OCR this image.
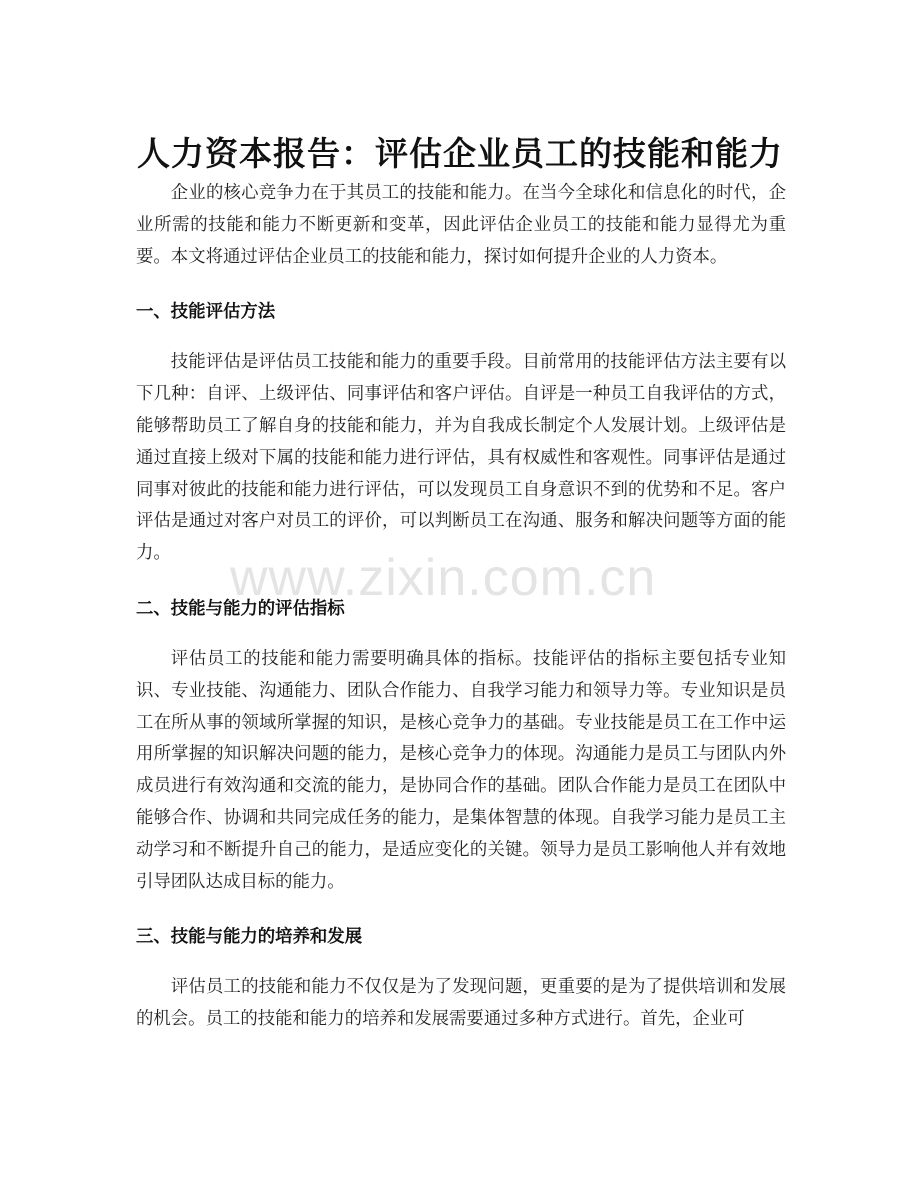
人力资本报告：评估企业员工的技能和能力

企业的核心竞争力在于其员工的技能和能力。在当今全球化和信息化的时代，企业所需的技能和能力不断更新和变革，因此评估企业员工的技能和能力显得尤为重要。本文将通过评估企业员工的技能和能力，探讨如何提升企业的人力资本。

一、技能评估方法

技能评估是评估员工技能和能力的重要手段。目前常用的技能评估方法主要有以下几种：自评、上级评估、同事评估和客户评估。自评是一种员工自我评估的方式，能够帮助员工了解自身的技能和能力，并为自我成长制定个人发展计划。上级评估是通过直接上级对下属的技能和能力进行评估，具有权威性和客观性。同事评估是通过同事对彼此的技能和能力进行评估，可以发现员工自身意识不到的优势和不足。客户评估是通过对客户对员工的评价，可以判断员工在沟通、服务和解决问题等方面的能力。

二、技能与能力的评估指标

评估员工的技能和能力需要明确具体的指标。技能评估的指标主要包括专业知识、专业技能、沟通能力、团队合作能力、自我学习能力和领导力等。专业知识是员工在所从事的领域所掌握的知识，是核心竞争力的基础。专业技能是员工在工作中运用所掌握的知识解决问题的能力，是核心竞争力的体现。沟通能力是员工与团队内外成员进行有效沟通和交流的能力，是协同合作的基础。团队合作能力是员工在团队中能够合作、协调和共同完成任务的能力，是集体智慧的体现。自我学习能力是员工主动学习和不断提升自己的能力，是适应变化的关键。领导力是员工影响他人并有效地引导团队达成目标的能力。

三、技能与能力的培养和发展

评估员工的技能和能力不仅仅是为了发现问题，更重要的是为了提供培训和发展的机会。员工的技能和能力的培养和发展需要通过多种方式进行。首先，企业可

www.zixin.com.cn
